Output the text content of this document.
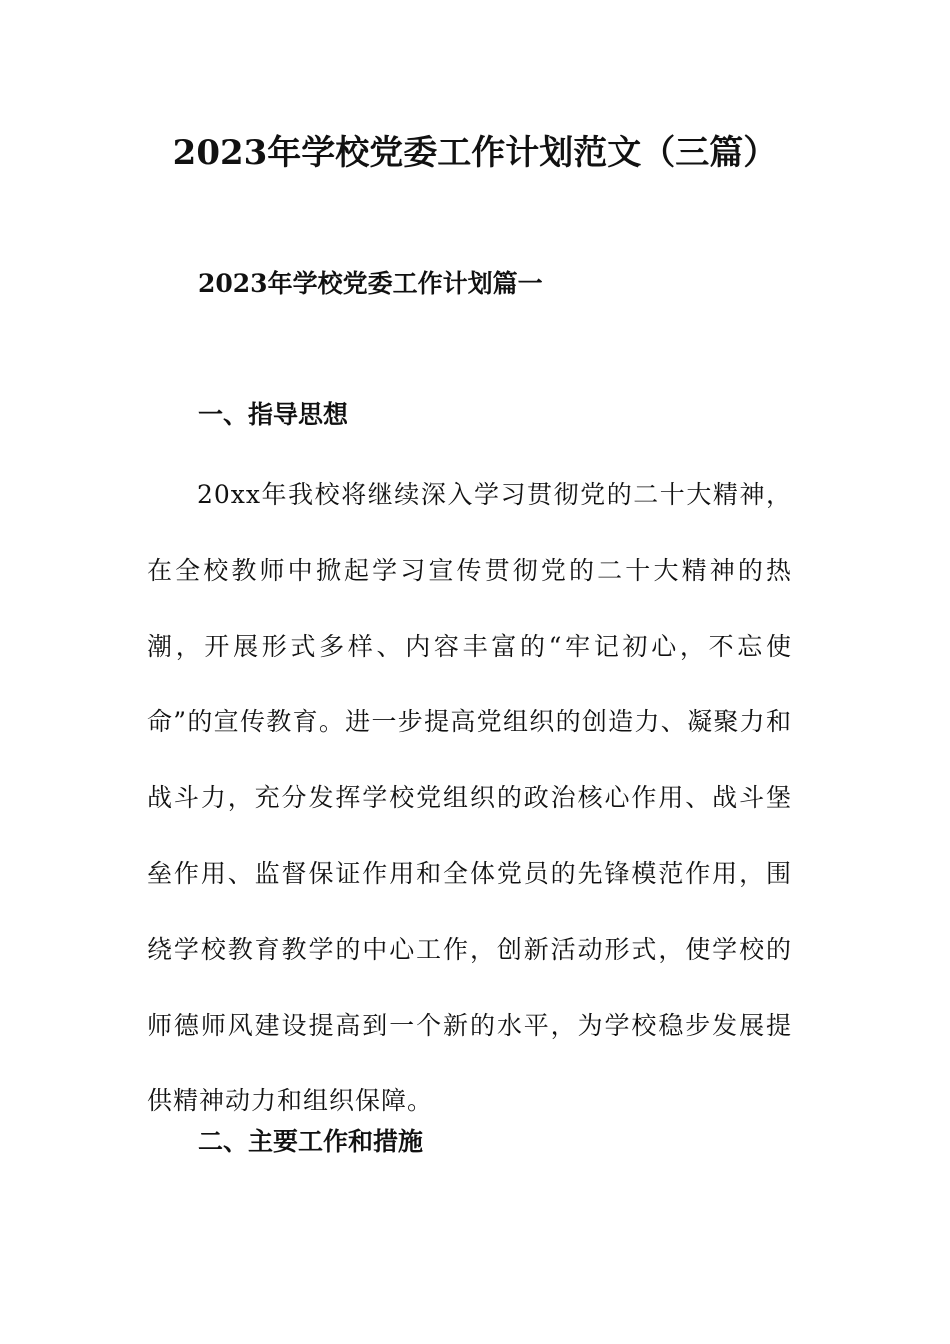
2023年学校党委工作计划范文（三篇）
2023年学校党委工作计划篇一
一、指导思想
20xx年我校将继续深入学习贯彻党的二十大精神，在全校教师中掀起学习宣传贯彻党的二十大精神的热潮，开展形式多样、内容丰富的“牢记初心，不忘使命”的宣传教育。进一步提高党组织的创造力、凝聚力和战斗力，充分发挥学校党组织的政治核心作用、战斗堡垒作用、监督保证作用和全体党员的先锋模范作用，围绕学校教育教学的中心工作，创新活动形式，使学校的师德师风建设提高到一个新的水平，为学校稳步发展提供精神动力和组织保障。
二、主要工作和措施
